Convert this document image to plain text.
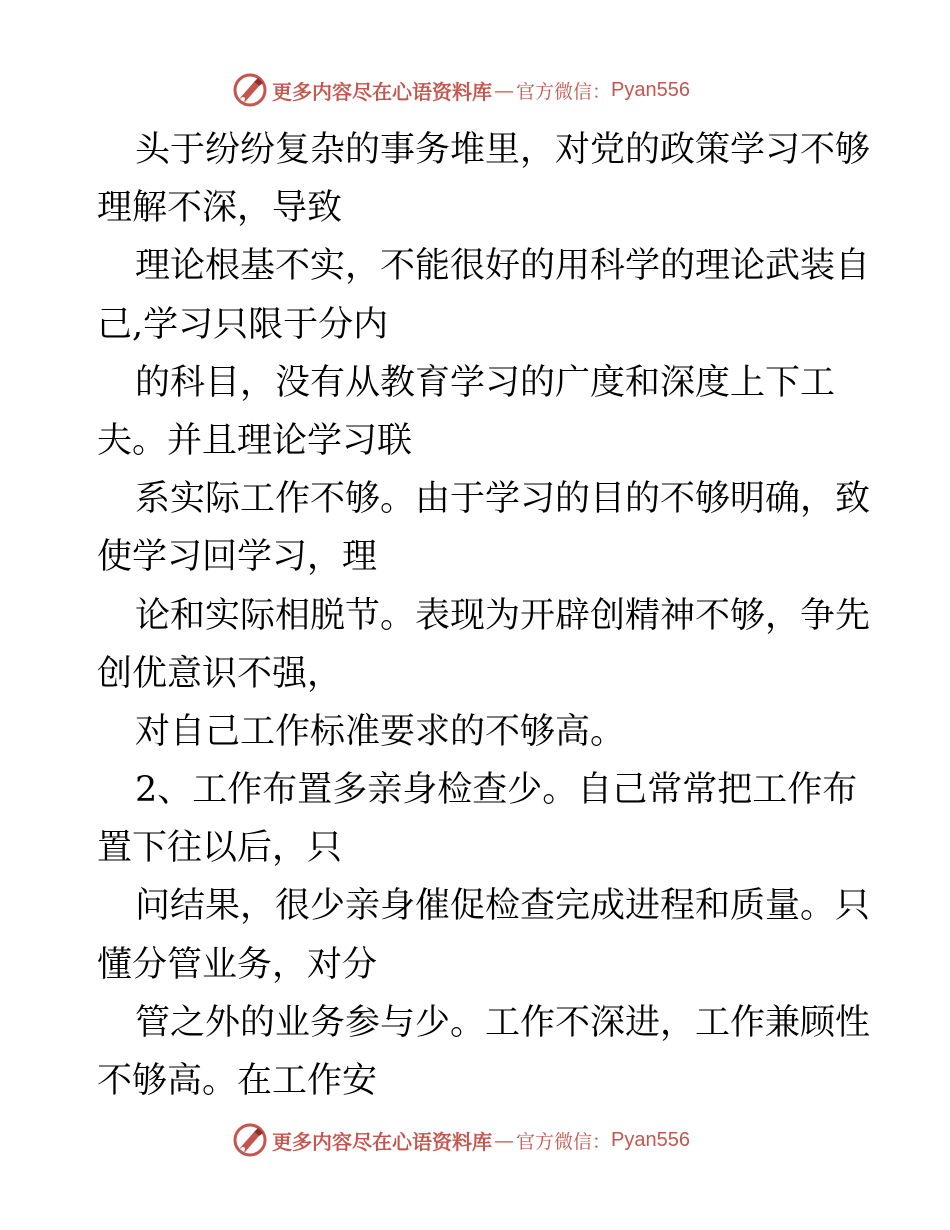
更多内容尽在心语资料库 — 官方微信： Pyan556
头于纷纷复杂的事务堆里，对党的政策学习不够
理解不深，导致
理论根基不实，不能很好的用科学的理论武装自
己,学习只限于分内
的科目，没有从教育学习的广度和深度上下工
夫。并且理论学习联
系实际工作不够。由于学习的目的不够明确，致
使学习回学习，理
论和实际相脱节。表现为开辟创精神不够，争先
创优意识不强，
对自己工作标准要求的不够高。
2、工作布置多亲身检查少。自己常常把工作布
置下往以后，只
问结果，很少亲身催促检查完成进程和质量。只
懂分管业务，对分
管之外的业务参与少。工作不深进，工作兼顾性
不够高。在工作安
更多内容尽在心语资料库 — 官方微信： Pyan556
